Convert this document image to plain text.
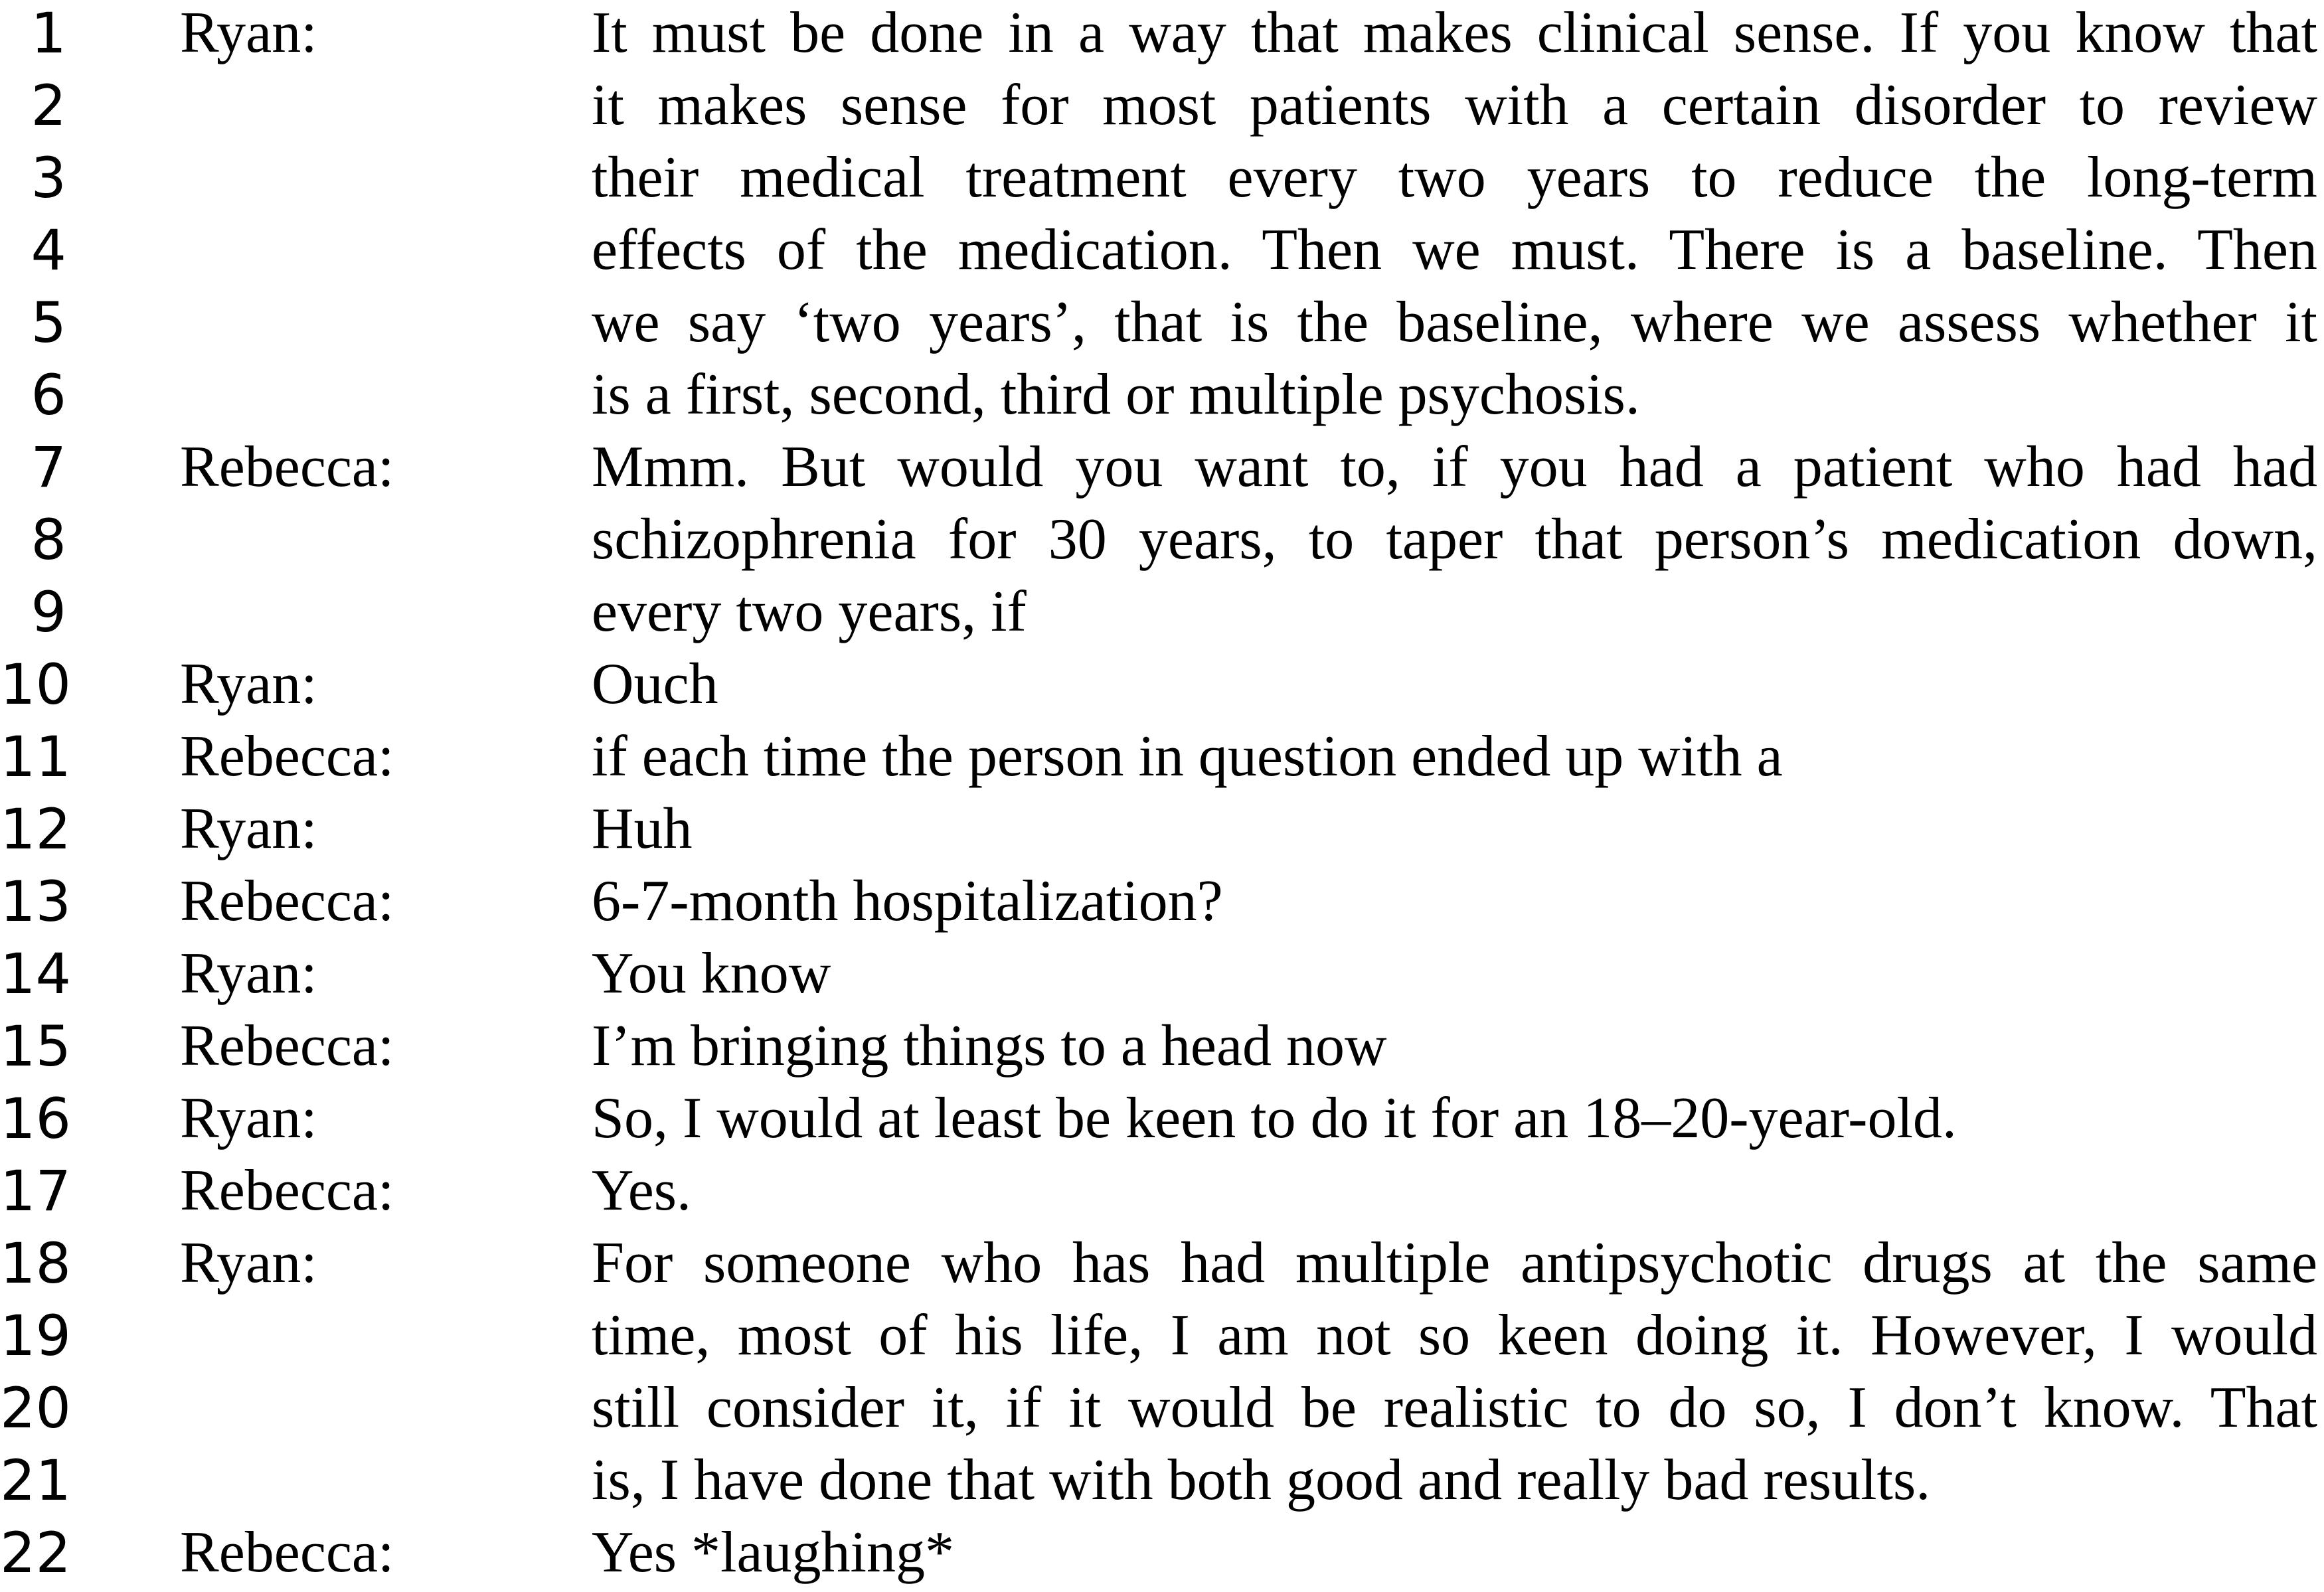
1 Ryan:	It must be done in a way that makes clinical sense. If you know that
2	it makes sense for most patients with a certain disorder to review
3	their medical treatment every two years to reduce the long-term
4	effects of the medication. Then we must. There is a baseline. Then
5	we say ‘two years’, that is the baseline, where we assess whether it
6	is a first, second, third or multiple psychosis.
7 Rebecca:	Mmm. But would you want to, if you had a patient who had had
8	schizophrenia for 30 years, to taper that person’s medication down,
9	every two years, if
10 Ryan:	Ouch
11 Rebecca:	if each time the person in question ended up with a
12 Ryan:	Huh
13 Rebecca:	6-7-month hospitalization?
14 Ryan:	You know
15 Rebecca:	I’m bringing things to a head now
16 Ryan:	So, I would at least be keen to do it for an 18–20-year-old.
17 Rebecca:	Yes.
18 Ryan:	For someone who has had multiple antipsychotic drugs at the same
19	time, most of his life, I am not so keen doing it. However, I would
20	still consider it, if it would be realistic to do so, I don’t know. That
21	is, I have done that with both good and really bad results.
22 Rebecca:	Yes *laughing*
